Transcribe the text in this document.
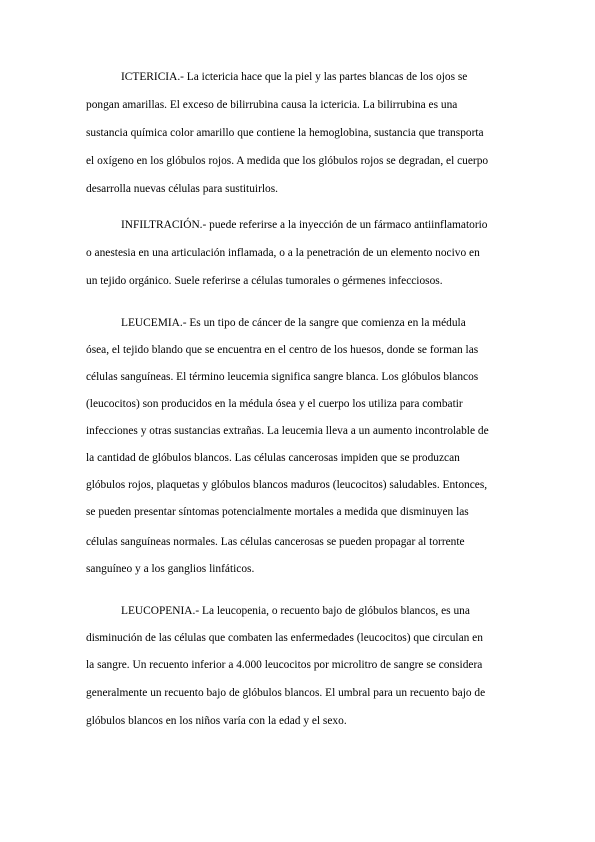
ICTERICIA.- La ictericia hace que la piel y las partes blancas de los ojos se

pongan amarillas. El exceso de bilirrubina causa la ictericia. La bilirrubina es una

sustancia química color amarillo que contiene la hemoglobina, sustancia que transporta

el oxígeno en los glóbulos rojos. A medida que los glóbulos rojos se degradan, el cuerpo

desarrolla nuevas células para sustituirlos.

INFILTRACIÓN.- puede referirse a la inyección de un fármaco antiinflamatorio

o anestesia en una articulación inflamada, o a la penetración de un elemento nocivo en

un tejido orgánico. Suele referirse a células tumorales o gérmenes infecciosos.

LEUCEMIA.- Es un tipo de cáncer de la sangre que comienza en la médula

ósea, el tejido blando que se encuentra en el centro de los huesos, donde se forman las

células sanguíneas. El término leucemia significa sangre blanca. Los glóbulos blancos

(leucocitos) son producidos en la médula ósea y el cuerpo los utiliza para combatir

infecciones y otras sustancias extrañas. La leucemia lleva a un aumento incontrolable de

la cantidad de glóbulos blancos. Las células cancerosas impiden que se produzcan

glóbulos rojos, plaquetas y glóbulos blancos maduros (leucocitos) saludables. Entonces,

se pueden presentar síntomas potencialmente mortales a medida que disminuyen las

células sanguíneas normales. Las células cancerosas se pueden propagar al torrente

sanguíneo y a los ganglios linfáticos.

LEUCOPENIA.- La leucopenia, o recuento bajo de glóbulos blancos, es una

disminución de las células que combaten las enfermedades (leucocitos) que circulan en

la sangre. Un recuento inferior a 4.000 leucocitos por microlitro de sangre se considera

generalmente un recuento bajo de glóbulos blancos. El umbral para un recuento bajo de

glóbulos blancos en los niños varía con la edad y el sexo.
